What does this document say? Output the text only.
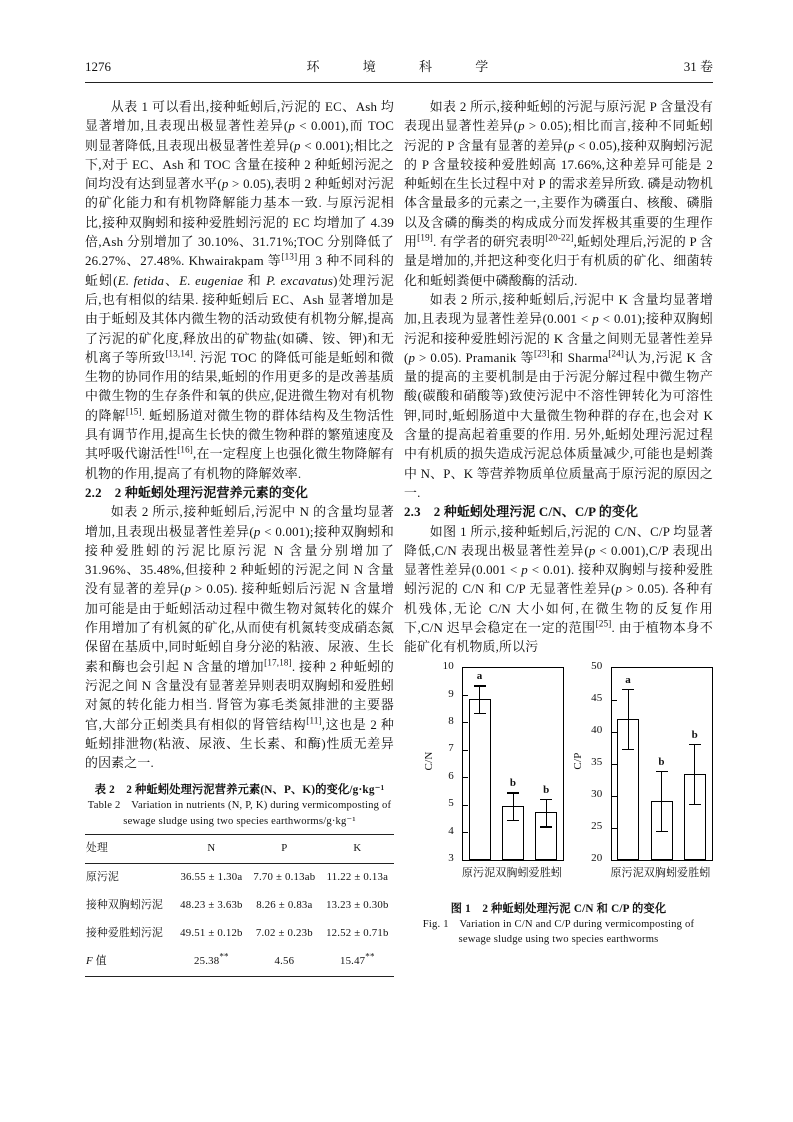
1276	环 境 科 学	31 卷

从表 1 可以看出,接种蚯蚓后,污泥的 EC、Ash 均显著增加,且表现出极显著性差异(p < 0.001),而 TOC 则显著降低,且表现出极显著性差异(p < 0.001);相比之下,对于 EC、Ash 和 TOC 含量在接种 2 种蚯蚓污泥之间均没有达到显著水平(p > 0.05),表明 2 种蚯蚓对污泥的矿化能力和有机物降解能力基本一致. 与原污泥相比,接种双胸蚓和接种爱胜蚓污泥的 EC 均增加了 4.39 倍,Ash 分别增加了 30.10%、31.71%;TOC 分别降低了 26.27%、27.48%. Khwairakpam 等[13]用 3 种不同科的蚯蚓(E. fetida、E. eugeniae 和 P. excavatus)处理污泥后,也有相似的结果. 接种蚯蚓后 EC、Ash 显著增加是由于蚯蚓及其体内微生物的活动致使有机物分解,提高了污泥的矿化度,释放出的矿物盐(如磷、铵、钾)和无机离子等所致[13,14]. 污泥 TOC 的降低可能是蚯蚓和微生物的协同作用的结果,蚯蚓的作用更多的是改善基质中微生物的生存条件和氧的供应,促进微生物对有机物的降解[15]. 蚯蚓肠道对微生物的群体结构及生物活性具有调节作用,提高生长快的微生物种群的繁殖速度及其呼吸代谢活性[16],在一定程度上也强化微生物降解有机物的作用,提高了有机物的降解效率.

2.2　2 种蚯蚓处理污泥营养元素的变化

如表 2 所示,接种蚯蚓后,污泥中 N 的含量均显著增加,且表现出极显著性差异(p < 0.001);接种双胸蚓和接种爱胜蚓的污泥比原污泥 N 含量分别增加了 31.96%、35.48%,但接种 2 种蚯蚓的污泥之间 N 含量没有显著的差异(p > 0.05). 接种蚯蚓后污泥 N 含量增加可能是由于蚯蚓活动过程中微生物对氮转化的媒介作用增加了有机氮的矿化,从而使有机氮转变成硝态氮保留在基质中,同时蚯蚓自身分泌的粘液、尿液、生长素和酶也会引起 N 含量的增加[17,18]. 接种 2 种蚯蚓的污泥之间 N 含量没有显著差异则表明双胸蚓和爱胜蚓对氮的转化能力相当. 肾管为寡毛类氮排泄的主要器官,大部分正蚓类具有相似的肾管结构[11],这也是 2 种蚯蚓排泄物(粘液、尿液、生长素、和酶)性质无差异的因素之一.

表 2　2 种蚯蚓处理污泥营养元素(N、P、K)的变化/g·kg⁻¹
Table 2　Variation in nutrients (N, P, K) during vermicomposting of
sewage sludge using two species earthworms/g·kg⁻¹
处理	N	P	K
原污泥	36.55 ± 1.30a	7.70 ± 0.13ab	11.22 ± 0.13a
接种双胸蚓污泥	48.23 ± 3.63b	8.26 ± 0.83a	13.23 ± 0.30b
接种爱胜蚓污泥	49.51 ± 0.12b	7.02 ± 0.23b	12.52 ± 0.71b
F 值	25.38**	4.56	15.47**

如表 2 所示,接种蚯蚓的污泥与原污泥 P 含量没有表现出显著性差异(p > 0.05);相比而言,接种不同蚯蚓污泥的 P 含量有显著的差异(p < 0.05),接种双胸蚓污泥的 P 含量较接种爱胜蚓高 17.66%,这种差异可能是 2 种蚯蚓在生长过程中对 P 的需求差异所致. 磷是动物机体含量最多的元素之一,主要作为磷蛋白、核酸、磷脂以及含磷的酶类的构成成分而发挥极其重要的生理作用[19]. 有学者的研究表明[20-22],蚯蚓处理后,污泥的 P 含量是增加的,并把这种变化归于有机质的矿化、细菌转化和蚯蚓粪便中磷酸酶的活动.

如表 2 所示,接种蚯蚓后,污泥中 K 含量均显著增加,且表现为显著性差异(0.001 < p < 0.01);接种双胸蚓污泥和接种爱胜蚓污泥的 K 含量之间则无显著性差异(p > 0.05). Pramanik 等[23]和 Sharma[24]认为,污泥 K 含量的提高的主要机制是由于污泥分解过程中微生物产酸(碳酸和硝酸等)致使污泥中不溶性钾转化为可溶性钾,同时,蚯蚓肠道中大量微生物种群的存在,也会对 K 含量的提高起着重要的作用. 另外,蚯蚓处理污泥过程中有机质的损失造成污泥总体质量减少,可能也是蚓粪中 N、P、K 等营养物质单位质量高于原污泥的原因之一.

2.3　2 种蚯蚓处理污泥 C/N、C/P 的变化

如图 1 所示,接种蚯蚓后,污泥的 C/N、C/P 均显著降低,C/N 表现出极显著性差异(p < 0.001),C/P 表现出显著性差异(0.001 < p < 0.01). 接种双胸蚓与接种爱胜蚓污泥的 C/N 和 C/P 无显著性差异(p > 0.05). 各种有机残体,无论 C/N 大小如何,在微生物的反复作用下,C/N 迟早会稳定在一定的范围[25]. 由于植物本身不能矿化有机物质,所以污

C/N
3
4
5
6
7
8
9
10
a
b
b
原污泥 双胸蚓 爱胜蚓
C/P
20
25
30
35
40
45
50
a
b
b
原污泥 双胸蚓 爱胜蚓
图 1　2 种蚯蚓处理污泥 C/N 和 C/P 的变化
Fig. 1　Variation in C/N and C/P during vermicomposting of
sewage sludge using two species earthworms
